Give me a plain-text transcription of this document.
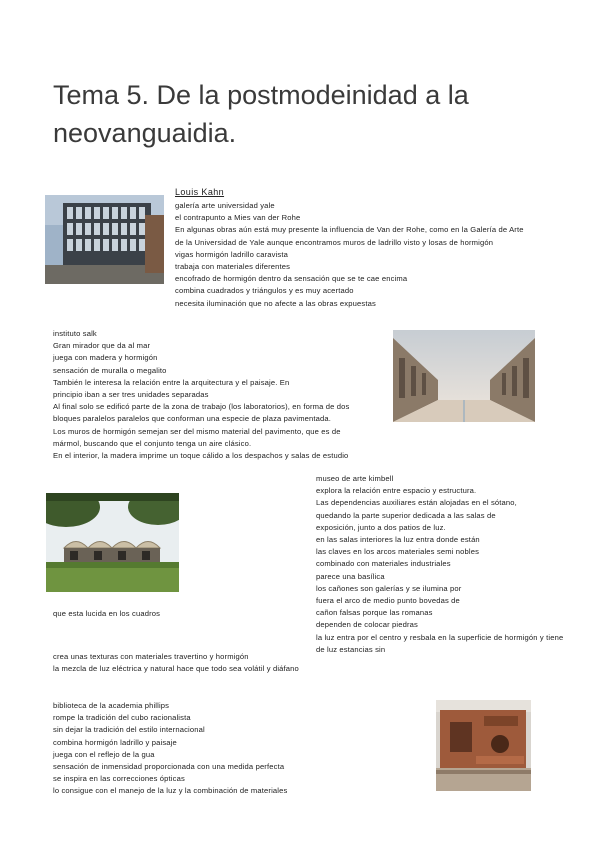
Tema 5. De la postmodeinidad a la
neovanguaidia.
Louis Kahn
galería arte universidad yale
el contrapunto a Mies van der Rohe
En algunas obras aún está muy presente la influencia de Van der Rohe, como en la Galería de Arte
de la Universidad de Yale aunque encontramos muros de ladrillo visto y losas de hormigón
vigas hormigón ladrillo caravista
trabaja con materiales diferentes
encofrado de hormigón dentro da sensación que se te cae encima
combina cuadrados y triángulos y es muy acertado
necesita iluminación que no afecte a las obras expuestas
instituto salk
Gran mirador que da al mar
juega con madera y hormigón
sensación de muralla o megalito
También le interesa la relación entre la arquitectura y el paisaje. En
principio iban a ser tres unidades separadas
Al final solo se edificó parte de la zona de trabajo (los laboratorios), en forma de dos
bloques paralelos paralelos que conforman una especie de plaza pavimentada.
Los muros de hormigón semejan ser del mismo material del pavimento, que es de
mármol, buscando que el conjunto tenga un aire clásico.
En el interior, la madera imprime un toque cálido a los despachos y salas de estudio
museo de arte kimbell
explora la relación entre espacio y estructura.
Las dependencias auxiliares están alojadas en el sótano,
quedando la parte superior dedicada a las salas de
exposición, junto a dos patios de luz.
en las salas interiores la luz entra donde están
las claves en los arcos materiales semi nobles
combinado con materiales industriales
parece una basílica
los cañones son galerías y se ilumina por
fuera el arco de medio punto bovedas de
cañon falsas porque las romanas
dependen de colocar piedras
la luz entra por el centro y resbala en la superficie de hormigón y tiene
de luz estancias sin
que esta lucida en los cuadros
crea unas texturas con materiales travertino y hormigón
la mezcla de luz eléctrica y natural hace que todo sea volátil y diáfano
biblioteca de la academia phillips
rompe la tradición del cubo racionalista
sin dejar la tradición del estilo internacional
combina hormigón ladrillo y paisaje
juega con el reflejo de la gua
sensación de inmensidad proporcionada con una medida perfecta
se inspira en las correcciones ópticas
lo consigue con el manejo de la luz y la combinación de materiales
